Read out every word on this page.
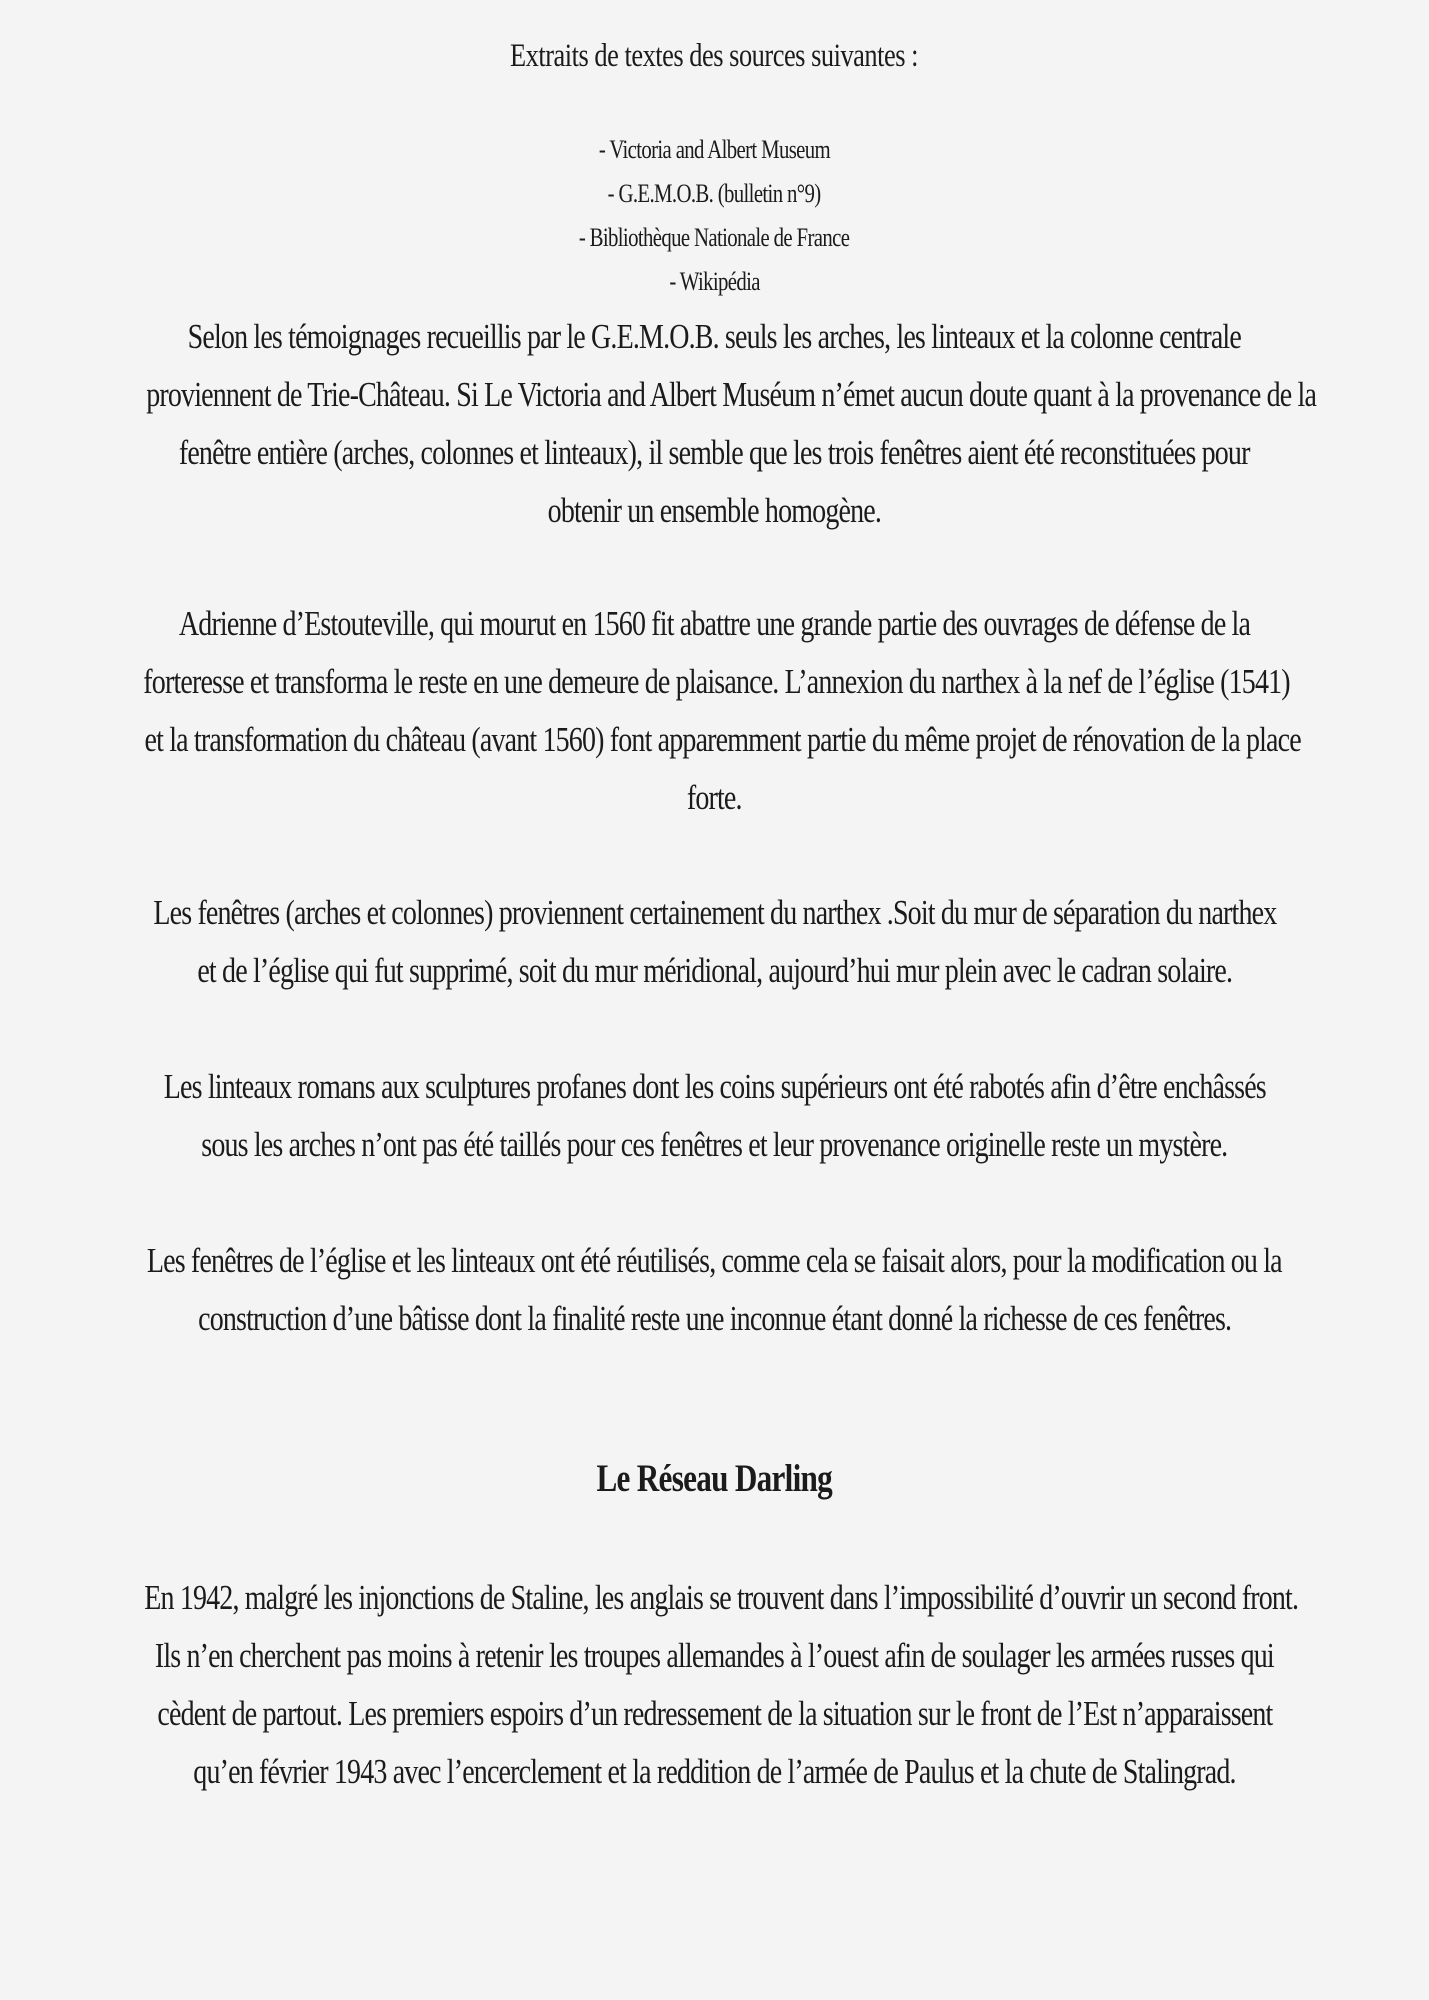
Extraits de textes des sources suivantes :
- Victoria and Albert Museum
- G.E.M.O.B. (bulletin n°9)
- Bibliothèque Nationale de France
- Wikipédia
Selon les témoignages recueillis par le G.E.M.O.B. seuls les arches, les linteaux et la colonne centrale
proviennent de Trie-Château. Si Le Victoria and Albert Muséum n’émet aucun doute quant à la provenance de la
fenêtre entière (arches, colonnes et linteaux), il semble que les trois fenêtres aient été reconstituées pour
obtenir un ensemble homogène.
Adrienne d’Estouteville, qui mourut en 1560 fit abattre une grande partie des ouvrages de défense de la
forteresse et transforma le reste en une demeure de plaisance. L’annexion du narthex à la nef de l’église (1541)
et la transformation du château (avant 1560) font apparemment partie du même projet de rénovation de la place
forte.
Les fenêtres (arches et colonnes) proviennent certainement du narthex .Soit du mur de séparation du narthex
et de l’église qui fut supprimé, soit du mur méridional, aujourd’hui mur plein avec le cadran solaire.
Les linteaux romans aux sculptures profanes dont les coins supérieurs ont été rabotés afin d’être enchâssés
sous les arches n’ont pas été taillés pour ces fenêtres et leur provenance originelle reste un mystère.
Les fenêtres de l’église et les linteaux ont été réutilisés, comme cela se faisait alors, pour la modification ou la
construction d’une bâtisse dont la finalité reste une inconnue étant donné la richesse de ces fenêtres.
Le Réseau Darling
En 1942, malgré les injonctions de Staline, les anglais se trouvent dans l’impossibilité d’ouvrir un second front.
Ils n’en cherchent pas moins à retenir les troupes allemandes à l’ouest afin de soulager les armées russes qui
cèdent de partout. Les premiers espoirs d’un redressement de la situation sur le front de l’Est n’apparaissent
qu’en février 1943 avec l’encerclement et la reddition de l’armée de Paulus et la chute de Stalingrad.
